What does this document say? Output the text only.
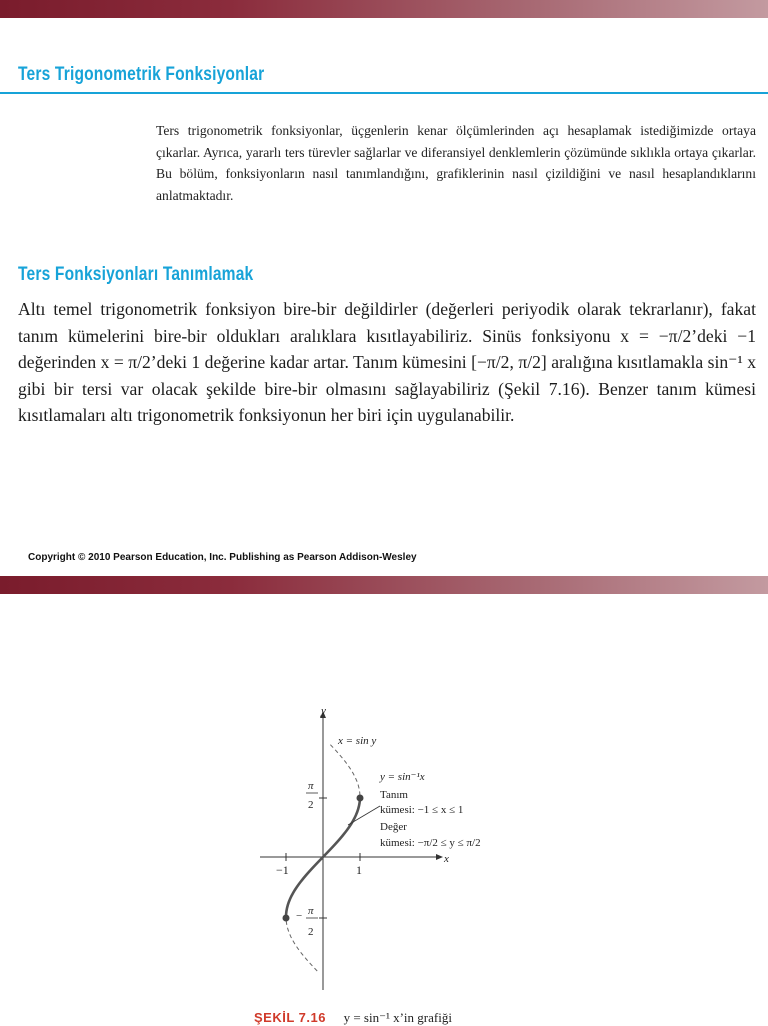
Ters Trigonometrik Fonksiyonlar

Ters trigonometrik fonksiyonlar, üçgenlerin kenar ölçümlerinden açı hesaplamak istediğimizde ortaya çıkarlar. Ayrıca, yararlı ters türevler sağlarlar ve diferansiyel denklemlerin çözümünde sıklıkla ortaya çıkarlar. Bu bölüm, fonksiyonların nasıl tanımlandığını, grafiklerinin nasıl çizildiğini ve nasıl hesaplandıklarını anlatmaktadır.

Ters Fonksiyonları Tanımlamak

Altı temel trigonometrik fonksiyon bire-bir değildirler (değerleri periyodik olarak tekrarlanır), fakat tanım kümelerini bire-bir oldukları aralıklara kısıtlayabiliriz. Sinüs fonksiyonu x = −π/2’deki −1 değerinden x = π/2’deki 1 değerine kadar artar. Tanım kümesini [−π/2, π/2] aralığına kısıtlamakla sin⁻¹ x gibi bir tersi var olacak şekilde bire-bir olmasını sağlayabiliriz (Şekil 7.16). Benzer tanım kümesi kısıtlamaları altı trigonometrik fonksiyonun her biri için uygulanabilir.

Copyright © 2010 Pearson Education, Inc. Publishing as Pearson Addison-Wesley
y
x
1
−1
π
2
− π
2
x = sin y
y = sin⁻¹x
Tanım
kümesi: −1 ≤ x ≤ 1
Değer
kümesi: −π/2 ≤ y ≤ π/2
ŞEKİL 7.16 y = sin⁻¹ x’in grafiği
